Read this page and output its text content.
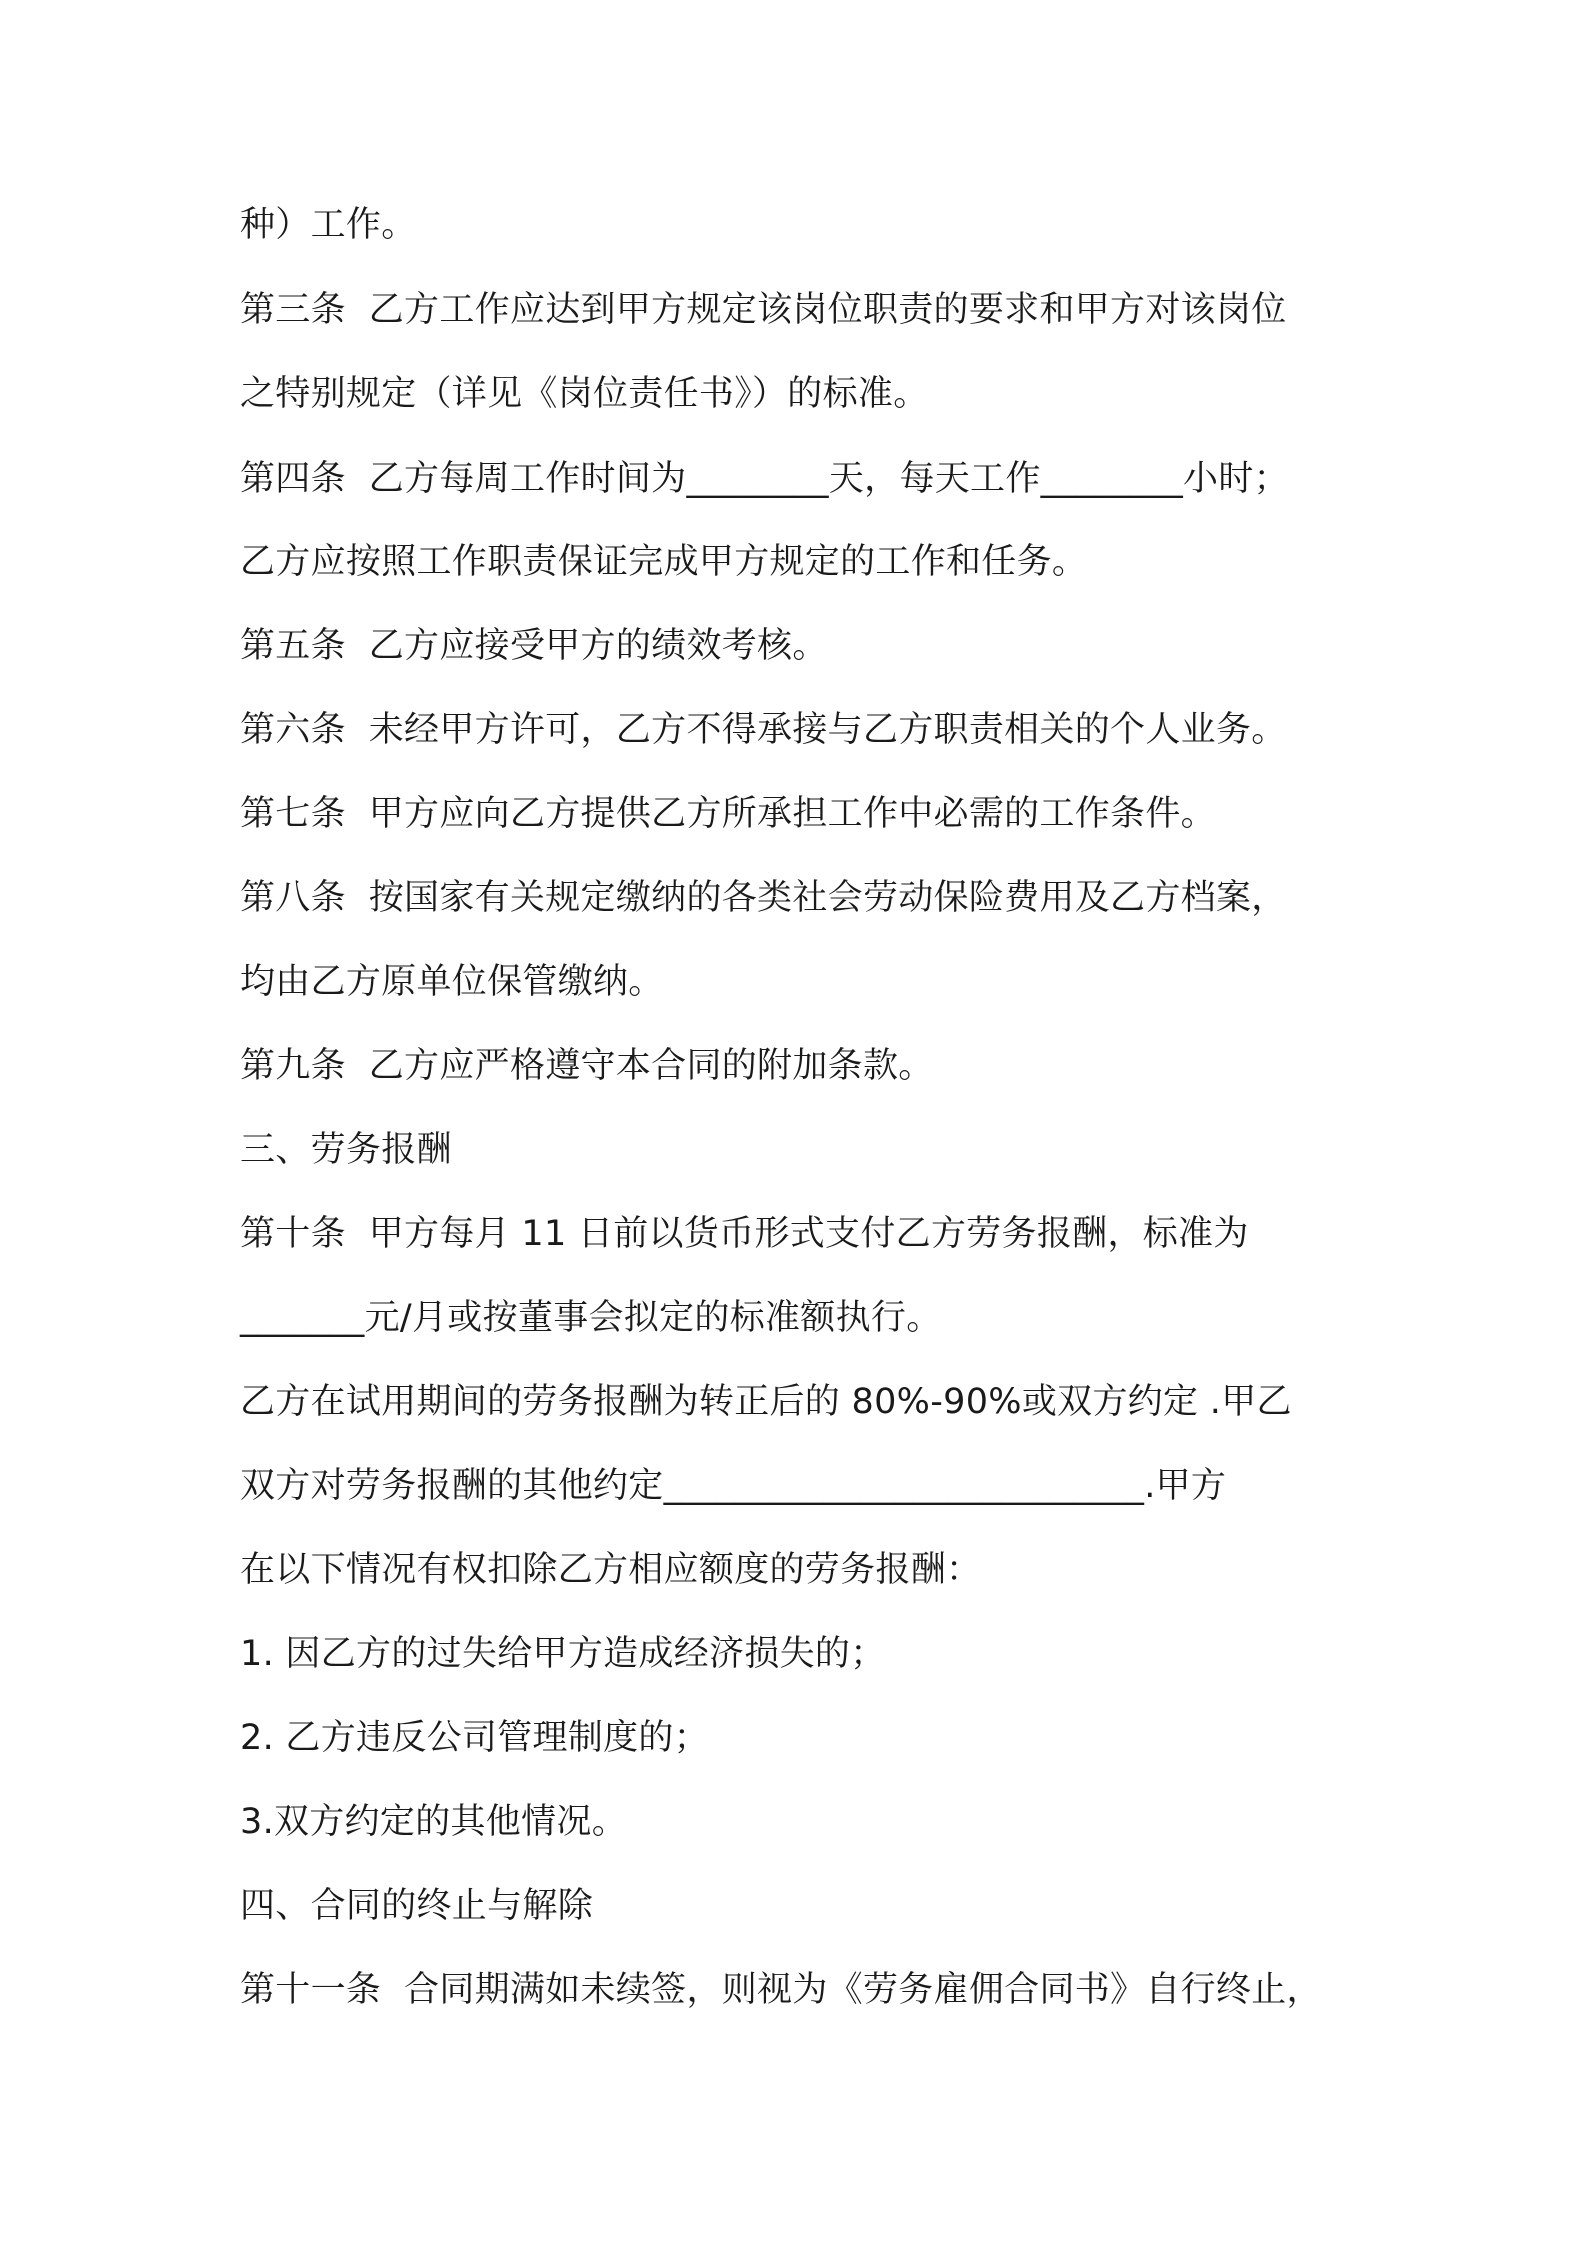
种）工作。
第三条  乙方工作应达到甲方规定该岗位职责的要求和甲方对该岗位
之特别规定（详见《岗位责任书》）的标准。
第四条  乙方每周工作时间为________天，每天工作________小时；
乙方应按照工作职责保证完成甲方规定的工作和任务。
第五条  乙方应接受甲方的绩效考核。
第六条  未经甲方许可，乙方不得承接与乙方职责相关的个人业务。
第七条  甲方应向乙方提供乙方所承担工作中必需的工作条件。
第八条  按国家有关规定缴纳的各类社会劳动保险费用及乙方档案，
均由乙方原单位保管缴纳。
第九条  乙方应严格遵守本合同的附加条款。
三、劳务报酬
第十条  甲方每月 11 日前以货币形式支付乙方劳务报酬，标准为
_______元/月或按董事会拟定的标准额执行。
乙方在试用期间的劳务报酬为转正后的 80%-90%或双方约定 .甲乙
双方对劳务报酬的其他约定___________________________.甲方
在以下情况有权扣除乙方相应额度的劳务报酬：
1. 因乙方的过失给甲方造成经济损失的；
2. 乙方违反公司管理制度的；
3.双方约定的其他情况。
四、合同的终止与解除
第十一条  合同期满如未续签，则视为《劳务雇佣合同书》自行终止，
